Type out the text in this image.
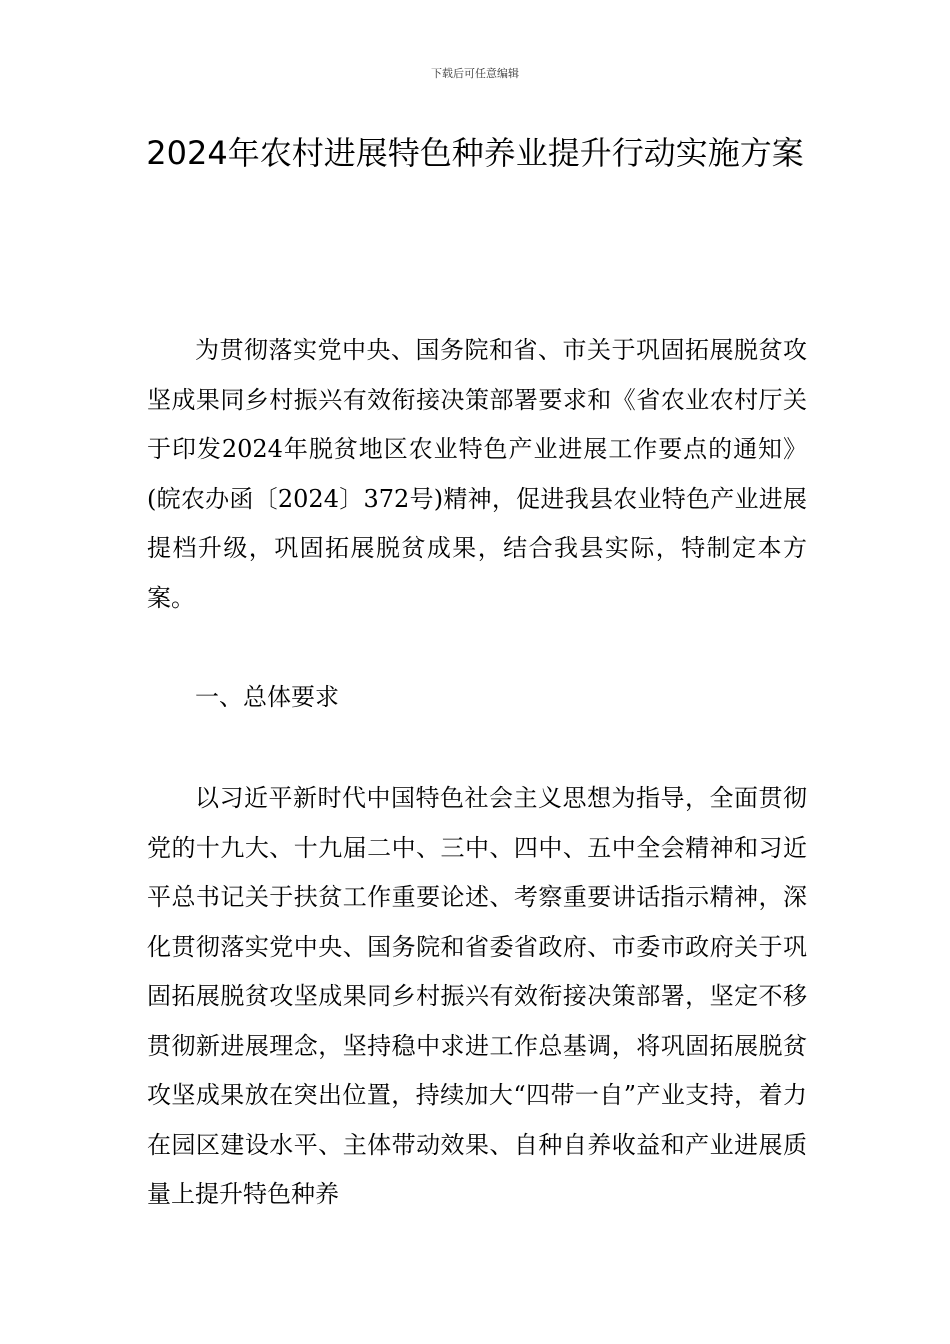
下载后可任意编辑
2024年农村进展特色种养业提升行动实施方案

为贯彻落实党中央、国务院和省、市关于巩固拓展脱贫攻坚成果同乡村振兴有效衔接决策部署要求和《省农业农村厅关于印发2024年脱贫地区农业特色产业进展工作要点的通知》(皖农办函〔2024〕372号)精神，促进我县农业特色产业进展提档升级，巩固拓展脱贫成果，结合我县实际，特制定本方案。

一、总体要求

以习近平新时代中国特色社会主义思想为指导，全面贯彻党的十九大、十九届二中、三中、四中、五中全会精神和习近平总书记关于扶贫工作重要论述、考察重要讲话指示精神，深化贯彻落实党中央、国务院和省委省政府、市委市政府关于巩固拓展脱贫攻坚成果同乡村振兴有效衔接决策部署，坚定不移贯彻新进展理念，坚持稳中求进工作总基调，将巩固拓展脱贫攻坚成果放在突出位置，持续加大“四带一自”产业支持，着力在园区建设水平、主体带动效果、自种自养收益和产业进展质量上提升特色种养
